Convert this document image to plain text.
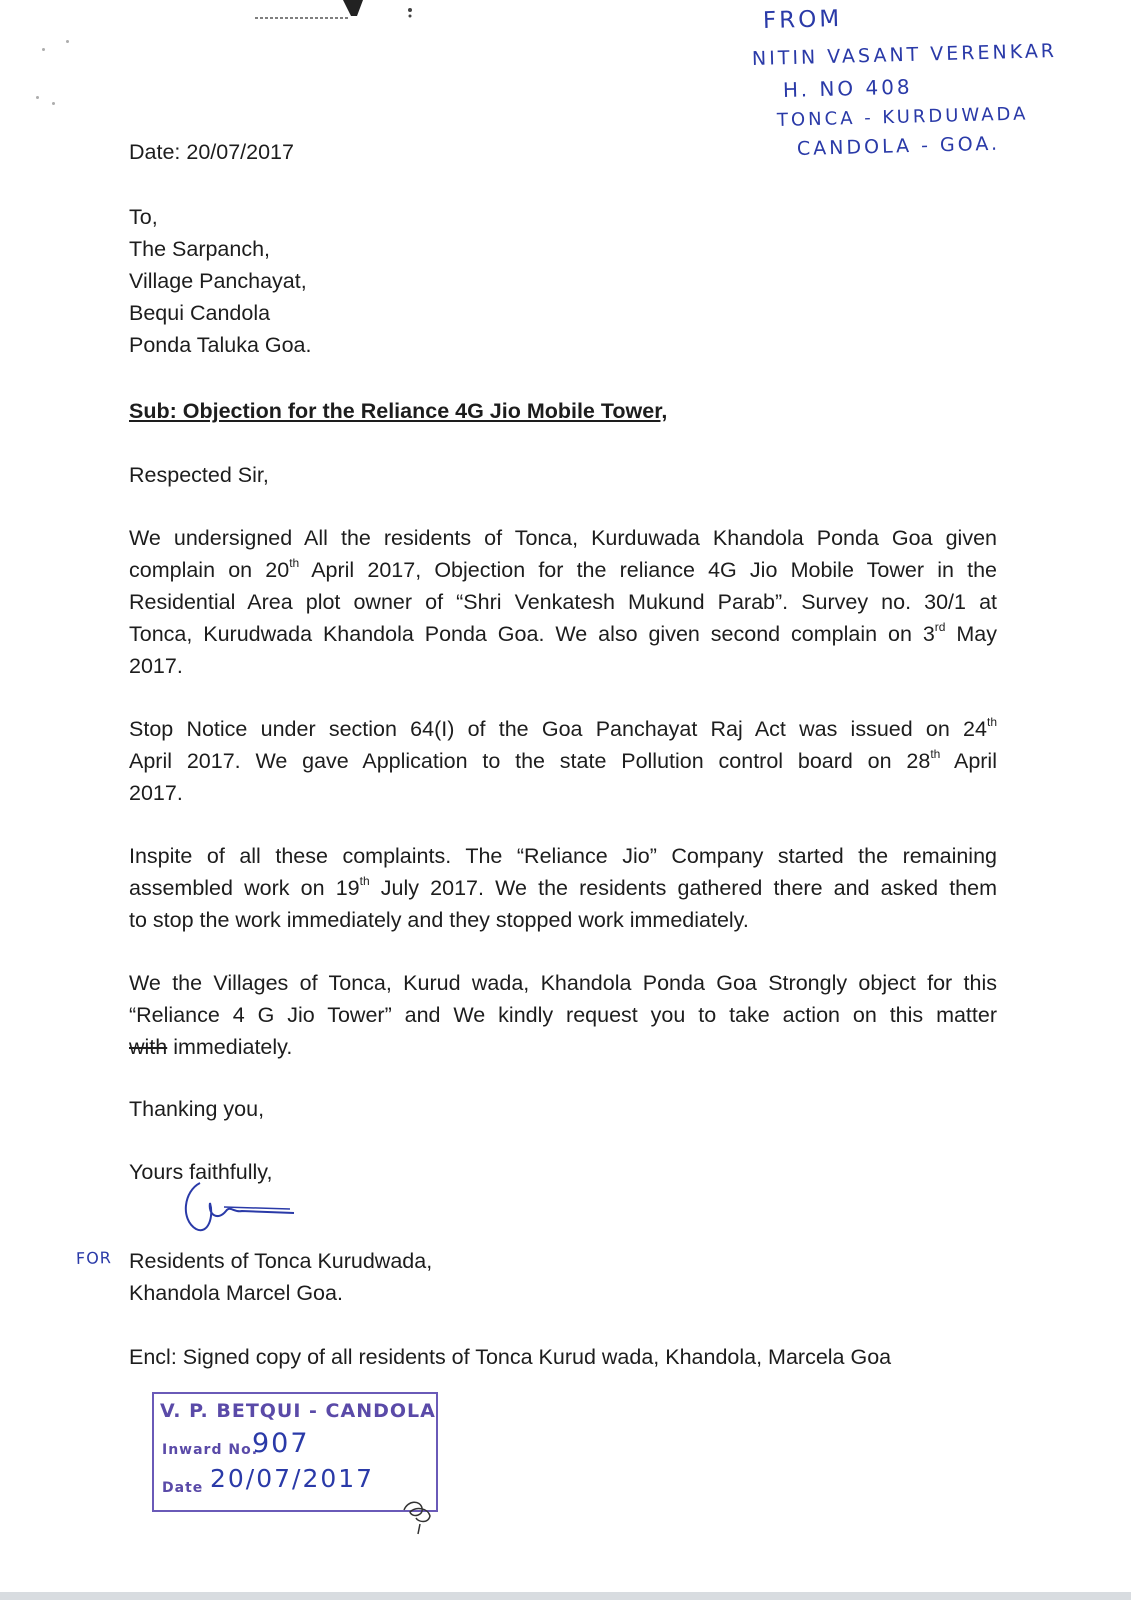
FROM
NITIN VASANT VERENKAR
H. NO 408
TONCA - KURDUWADA
CANDOLA - GOA.
Date: 20/07/2017
To,
The Sarpanch,
Village Panchayat,
Bequi Candola
Ponda Taluka Goa.
Sub: Objection for the Reliance 4G Jio Mobile Tower,
Respected Sir,
We undersigned All the residents of Tonca, Kurduwada Khandola Ponda Goa given
complain on 20th April 2017, Objection for the reliance 4G Jio Mobile Tower in the
Residential Area plot owner of “Shri Venkatesh Mukund Parab”. Survey no. 30/1 at
Tonca, Kurudwada Khandola Ponda Goa. We also given second complain on 3rd May
2017.
Stop Notice under section 64(I) of the Goa Panchayat Raj Act was issued on 24th
April 2017. We gave Application to the state Pollution control board on 28th April
2017.
Inspite of all these complaints. The “Reliance Jio” Company started the remaining
assembled work on 19th July 2017. We the residents gathered there and asked them
to stop the work immediately and they stopped work immediately.
We the Villages of Tonca, Kurud wada, Khandola Ponda Goa Strongly object for this
“Reliance 4 G Jio Tower” and We kindly request you to take action on this matter
with immediately.
Thanking you,
Yours faithfully,
FOR Residents of Tonca Kurudwada,
Khandola Marcel Goa.
Encl: Signed copy of all residents of Tonca Kurud wada, Khandola, Marcela Goa
V. P. BETQUI - CANDOLA
Inward No.
907
Date 20/07/2017
